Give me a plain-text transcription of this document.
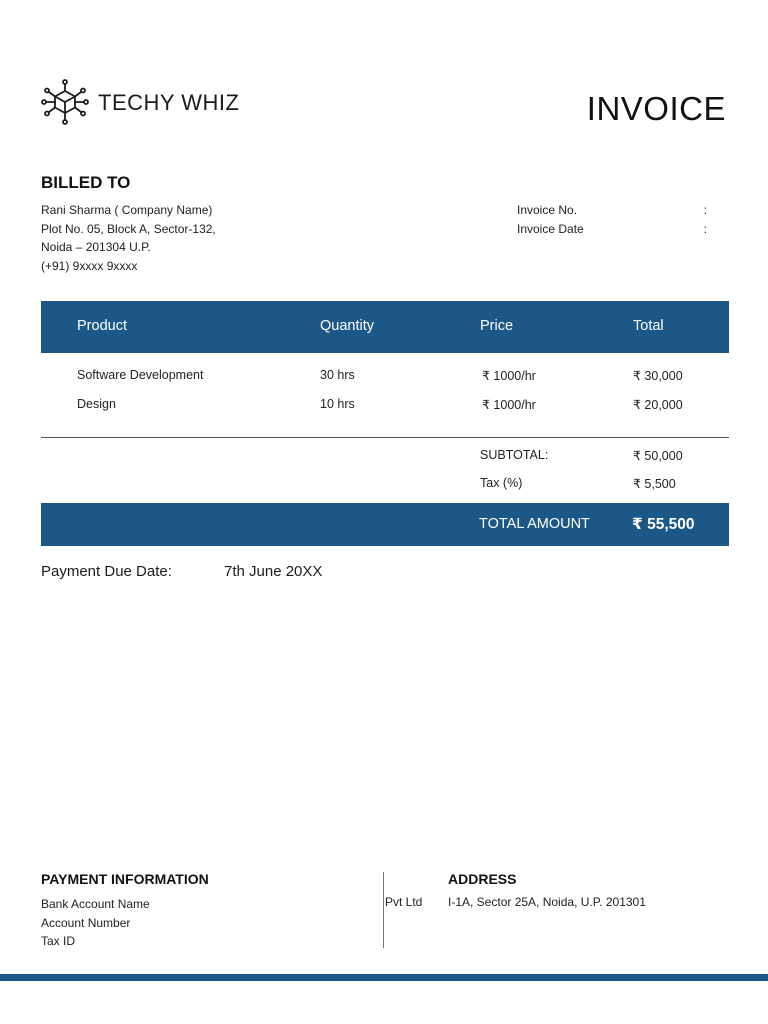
TECHY WHIZ	INVOICE
BILLED TO
Rani Sharma ( Company Name)
Plot No. 05, Block A, Sector-132,
Noida – 201304 U.P.
(+91) 9xxxx 9xxxx
Invoice No.	:
Invoice Date	:
Product	Quantity	Price	Total
Software Development	30 hrs	₹ 1000/hr	₹ 30,000
Design	10 hrs	₹ 1000/hr	₹ 20,000
SUBTOTAL:	₹ 50,000
Tax (%)	₹ 5,500
TOTAL AMOUNT	₹ 55,500
Payment Due Date:	7th June 20XX
PAYMENT INFORMATION
Bank Account Name
Account Number
Tax ID
Pvt Ltd
ADDRESS
I-1A, Sector 25A, Noida, U.P. 201301
